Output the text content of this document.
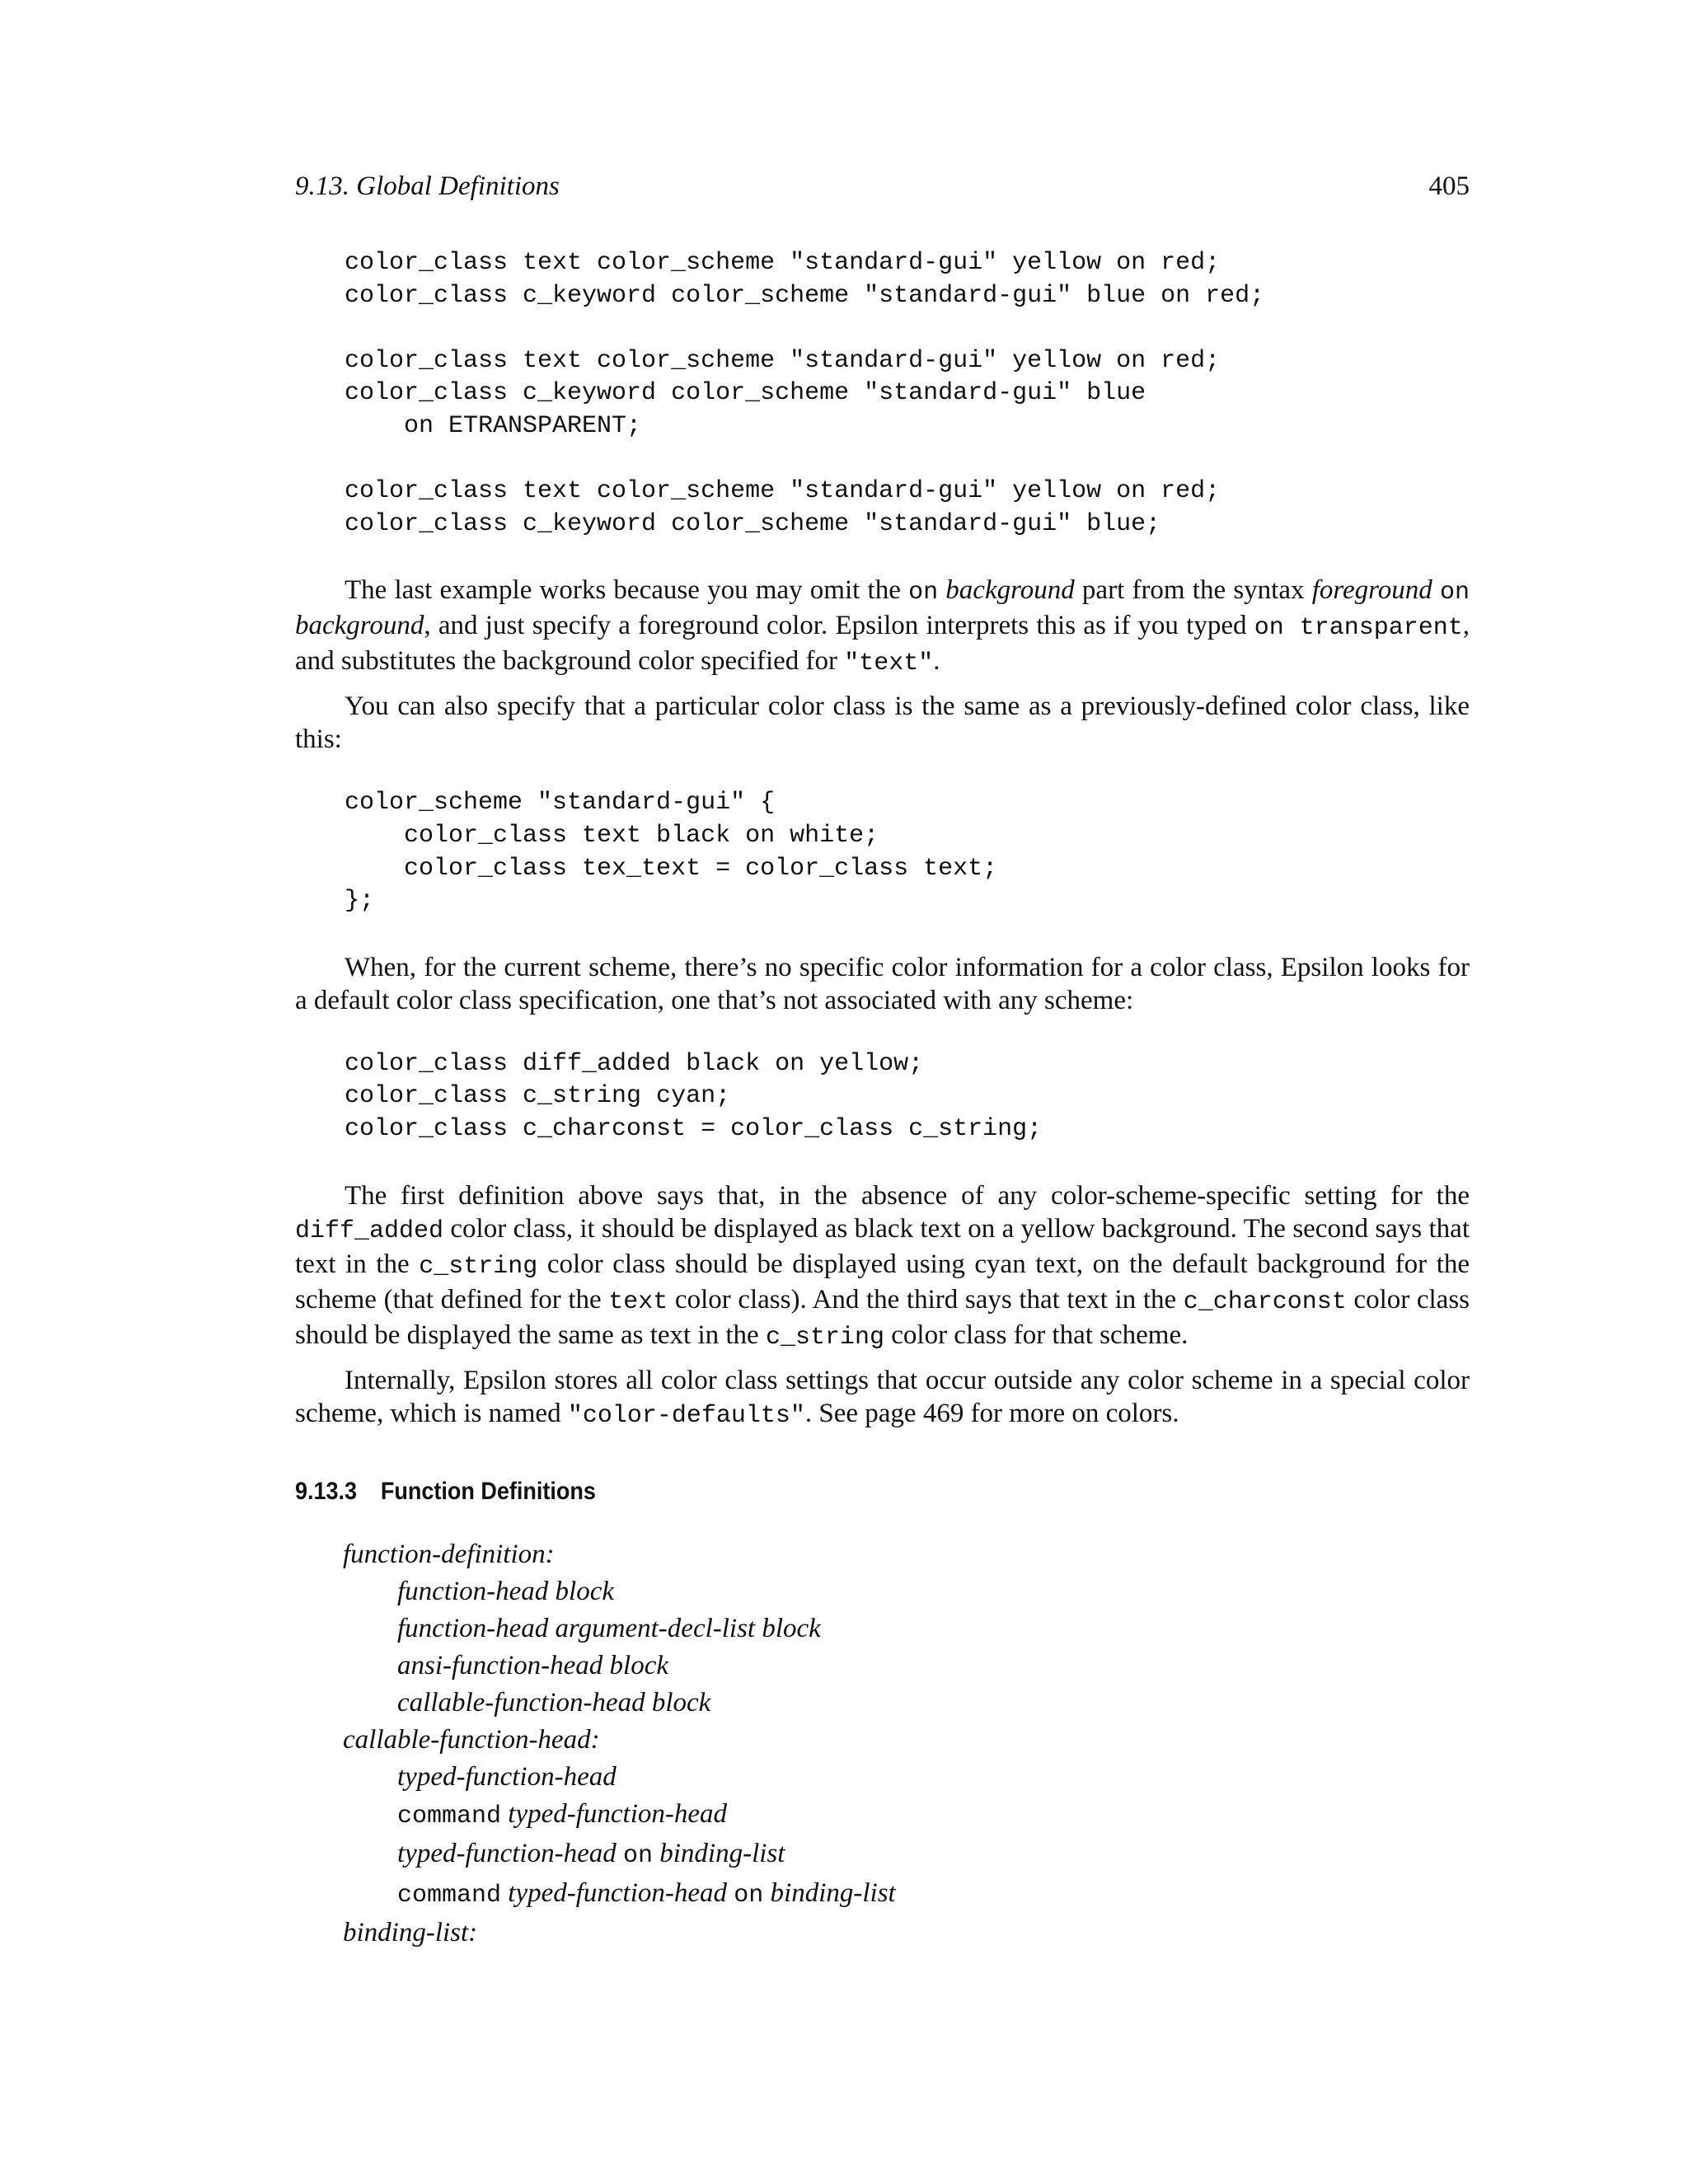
9.13. Global Definitions	405
color_class text color_scheme "standard-gui" yellow on red;
color_class c_keyword color_scheme "standard-gui" blue on red;

color_class text color_scheme "standard-gui" yellow on red;
color_class c_keyword color_scheme "standard-gui" blue
on ETRANSPARENT;

color_class text color_scheme "standard-gui" yellow on red;
color_class c_keyword color_scheme "standard-gui" blue;

The last example works because you may omit the on background part from the syntax foreground on background, and just specify a foreground color. Epsilon interprets this as if you typed on transparent, and substitutes the background color specified for "text".

You can also specify that a particular color class is the same as a previously-defined color class, like this:

color_scheme "standard-gui" {
color_class text black on white;
color_class tex_text = color_class text;
};

When, for the current scheme, there’s no specific color information for a color class, Epsilon looks for a default color class specification, one that’s not associated with any scheme:

color_class diff_added black on yellow;
color_class c_string cyan;
color_class c_charconst = color_class c_string;

The first definition above says that, in the absence of any color-scheme-specific setting for the diff_added color class, it should be displayed as black text on a yellow background. The second says that text in the c_string color class should be displayed using cyan text, on the default background for the scheme (that defined for the text color class). And the third says that text in the c_charconst color class should be displayed the same as text in the c_string color class for that scheme.

Internally, Epsilon stores all color class settings that occur outside any color scheme in a special color scheme, which is named "color-defaults". See page 469 for more on colors.

9.13.3 Function Definitions
function-definition:
function-head block
function-head argument-decl-list block
ansi-function-head block
callable-function-head block
callable-function-head:
typed-function-head
command typed-function-head
typed-function-head on binding-list
command typed-function-head on binding-list
binding-list:
